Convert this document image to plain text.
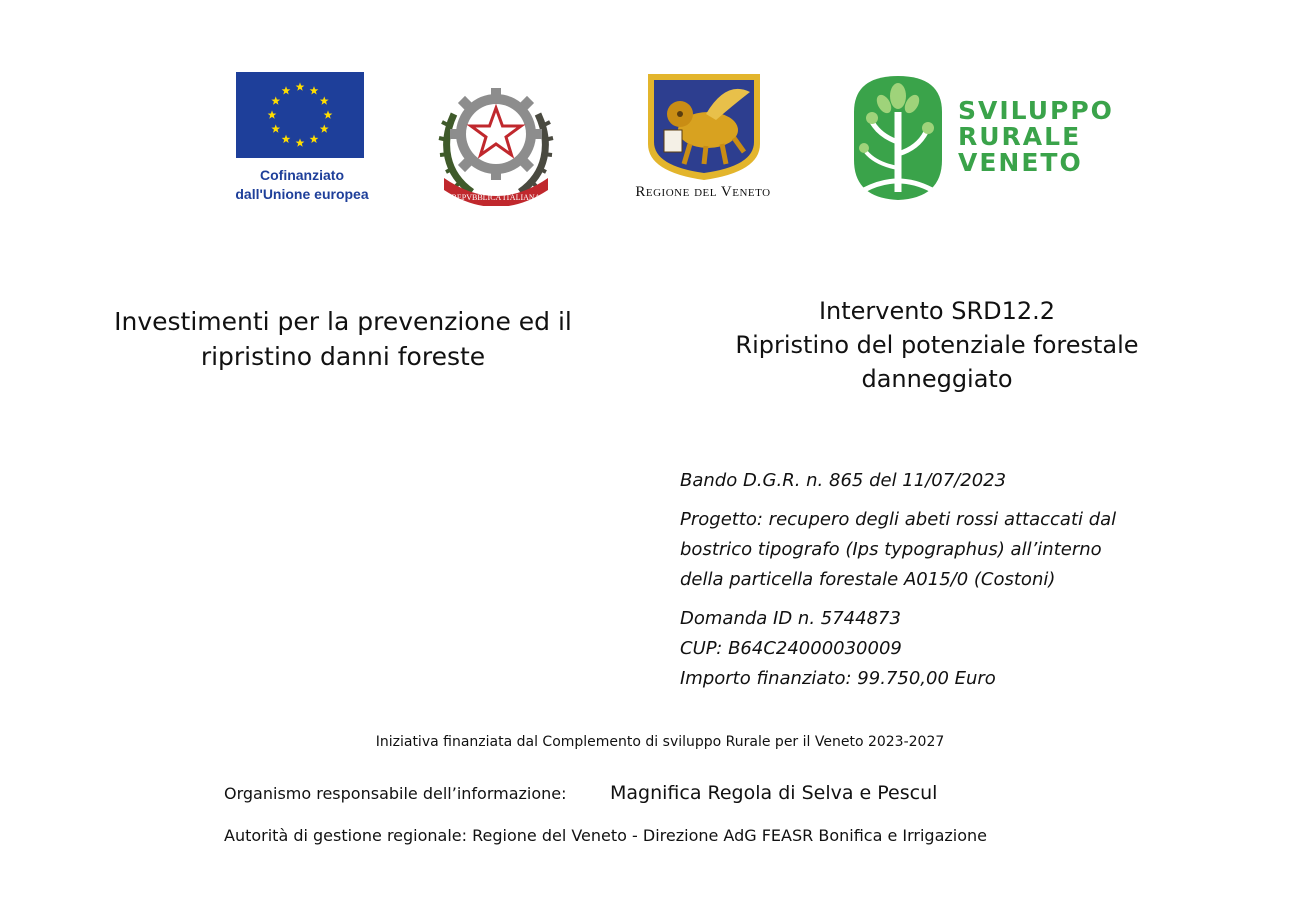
Cofinanziato
dall'Unione europea	REPVBBLICA ITALIANA	Regione del Veneto
SVILUPPO
RURALE
VENETO
Investimenti per la prevenzione ed il
ripristino danni foreste
Intervento SRD12.2
Ripristino del potenziale forestale
danneggiato

Bando D.G.R. n. 865 del 11/07/2023

Progetto: recupero degli abeti rossi attaccati dal

bostrico tipografo (Ips typographus) all’interno

della particella forestale A015/0 (Costoni)

Domanda ID n. 5744873

CUP: B64C24000030009

Importo finanziato: 99.750,00 Euro

Iniziativa finanziata dal Complemento di sviluppo Rurale per il Veneto 2023-2027
Organismo responsabile dell’informazione: Magnifica Regola di Selva e Pescul
Autorità di gestione regionale: Regione del Veneto - Direzione AdG FEASR Bonifica e Irrigazione
